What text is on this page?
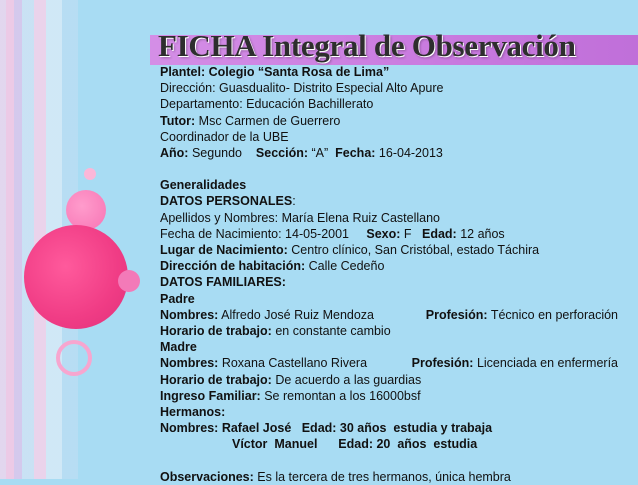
FICHA Integral de Observación
Plantel: Colegio “Santa Rosa de Lima”
Dirección: Guasdualito- Distrito Especial Alto Apure
Departamento: Educación Bachillerato
Tutor: Msc Carmen de Guerrero
Coordinador de la UBE
Año: Segundo Sección: “A” Fecha: 16-04-2013
Generalidades
DATOS PERSONALES:
Apellidos y Nombres: María Elena Ruiz Castellano
Fecha de Nacimiento: 14-05-2001 Sexo: F Edad: 12 años
Lugar de Nacimiento: Centro clínico, San Cristóbal, estado Táchira
Dirección de habitación: Calle Cedeño
DATOS FAMILIARES:
Padre
Nombres: Alfredo José Ruiz Mendoza	Profesión: Técnico en perforación
Horario de trabajo: en constante cambio
Madre
Nombres: Roxana Castellano Rivera	Profesión: Licenciada en enfermería
Horario de trabajo: De acuerdo a las guardias
Ingreso Familiar: Se remontan a los 16000bsf
Hermanos:
Nombres: Rafael José   Edad: 30 años  estudia y trabaja
Víctor  Manuel      Edad: 20  años  estudia
Observaciones: Es la tercera de tres hermanos, única hembra
